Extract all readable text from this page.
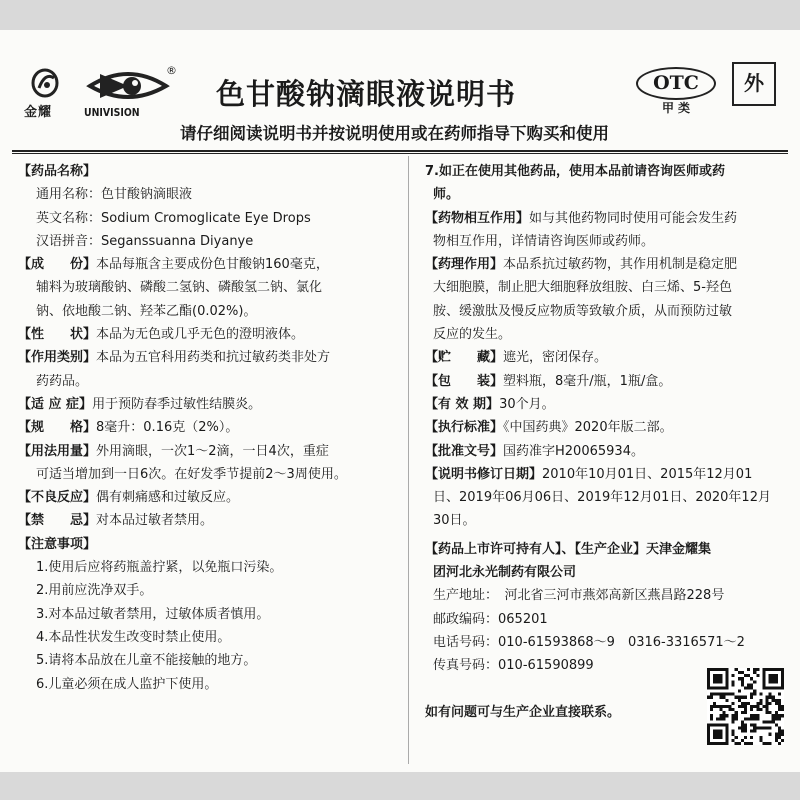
金耀
®
UNIVISION
色甘酸钠滴眼液说明书	OTC
甲类
外
请仔细阅读说明书并按说明使用或在药师指导下购买和使用
【药品名称】
通用名称：色甘酸钠滴眼液
英文名称：Sodium Cromoglicate Eye Drops
汉语拼音：Seganssuanna Diyanye
【成　　份】本品每瓶含主要成份色甘酸钠160毫克，
辅料为玻璃酸钠、磷酸二氢钠、磷酸氢二钠、氯化
钠、依地酸二钠、羟苯乙酯(0.02%)。
【性　　状】本品为无色或几乎无色的澄明液体。
【作用类别】本品为五官科用药类和抗过敏药类非处方
药药品。
【适 应 症】用于预防春季过敏性结膜炎。
【规　　格】8毫升：0.16克（2%）。
【用法用量】外用滴眼，一次1～2滴，一日4次，重症
可适当增加到一日6次。在好发季节提前2～3周使用。
【不良反应】偶有刺痛感和过敏反应。
【禁　　忌】对本品过敏者禁用。
【注意事项】
1.使用后应将药瓶盖拧紧，以免瓶口污染。
2.用前应洗净双手。
3.对本品过敏者禁用，过敏体质者慎用。
4.本品性状发生改变时禁止使用。
5.请将本品放在儿童不能接触的地方。
6.儿童必须在成人监护下使用。
7.如正在使用其他药品，使用本品前请咨询医师或药
师。
【药物相互作用】如与其他药物同时使用可能会发生药
物相互作用，详情请咨询医师或药师。
【药理作用】本品系抗过敏药物，其作用机制是稳定肥
大细胞膜，制止肥大细胞释放组胺、白三烯、5-羟色
胺、缓激肽及慢反应物质等致敏介质，从而预防过敏
反应的发生。
【贮　　藏】遮光，密闭保存。
【包　　装】塑料瓶，8毫升/瓶，1瓶/盒。
【有 效 期】30个月。
【执行标准】《中国药典》2020年版二部。
【批准文号】国药准字H20065934。
【说明书修订日期】2010年10月01日、2015年12月01
日、2019年06月06日、2019年12月01日、2020年12月
30日。
【药品上市许可持有人】、【生产企业】天津金耀集
团河北永光制药有限公司
生产地址：　河北省三河市燕郊高新区燕昌路228号
邮政编码：065201
电话号码：010-61593868～9　0316-3316571～2
传真号码：010-61590899
如有问题可与生产企业直接联系。
